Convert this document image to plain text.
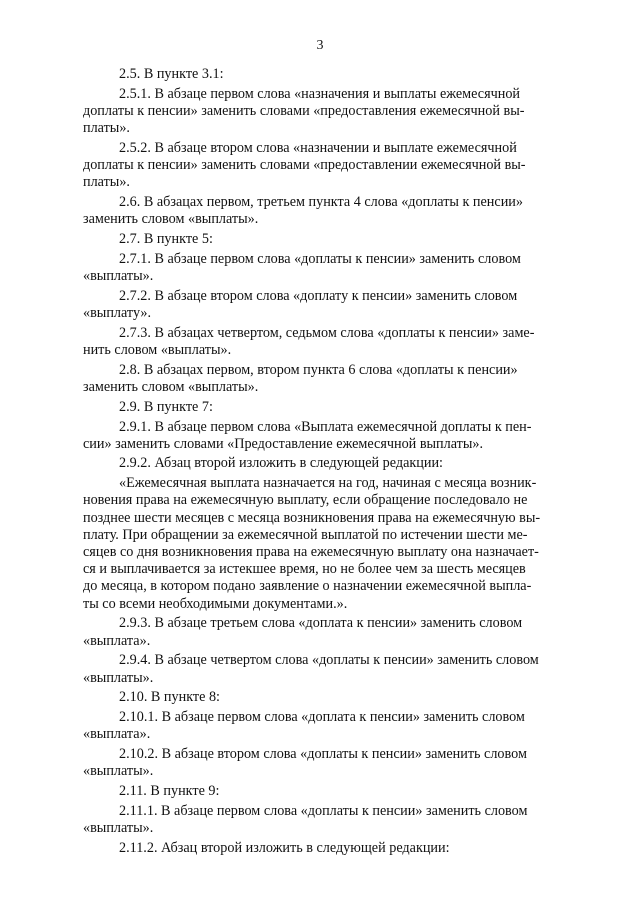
3
2.5. В пункте 3.1:
2.5.1. В абзаце первом слова «назначения и выплаты ежемесячной
доплаты к пенсии» заменить словами «предоставления ежемесячной вы-
платы».
2.5.2. В абзаце втором слова «назначении и выплате ежемесячной
доплаты к пенсии» заменить словами «предоставлении ежемесячной вы-
платы».
2.6. В абзацах первом, третьем пункта 4 слова «доплаты к пенсии»
заменить словом «выплаты».
2.7. В пункте 5:
2.7.1. В абзаце первом слова «доплаты к пенсии» заменить словом
«выплаты».
2.7.2. В абзаце втором слова «доплату к пенсии» заменить словом
«выплату».
2.7.3. В абзацах четвертом, седьмом слова «доплаты к пенсии» заме-
нить словом «выплаты».
2.8. В абзацах первом, втором пункта 6 слова «доплаты к пенсии»
заменить словом «выплаты».
2.9. В пункте 7:
2.9.1. В абзаце первом слова «Выплата ежемесячной доплаты к пен-
сии» заменить словами «Предоставление ежемесячной выплаты».
2.9.2. Абзац второй изложить в следующей редакции:
«Ежемесячная выплата назначается на год, начиная с месяца возник-
новения права на ежемесячную выплату, если обращение последовало не
позднее шести месяцев с месяца возникновения права на ежемесячную вы-
плату. При обращении за ежемесячной выплатой по истечении шести ме-
сяцев со дня возникновения права на ежемесячную выплату она назначает-
ся и выплачивается за истекшее время, но не более чем за шесть месяцев
до месяца, в котором подано заявление о назначении ежемесячной выпла-
ты со всеми необходимыми документами.».
2.9.3. В абзаце третьем слова «доплата к пенсии» заменить словом
«выплата».
2.9.4. В абзаце четвертом слова «доплаты к пенсии» заменить словом
«выплаты».
2.10. В пункте 8:
2.10.1. В абзаце первом слова «доплата к пенсии» заменить словом
«выплата».
2.10.2. В абзаце втором слова «доплаты к пенсии» заменить словом
«выплаты».
2.11. В пункте 9:
2.11.1. В абзаце первом слова «доплаты к пенсии» заменить словом
«выплаты».
2.11.2. Абзац второй изложить в следующей редакции:
